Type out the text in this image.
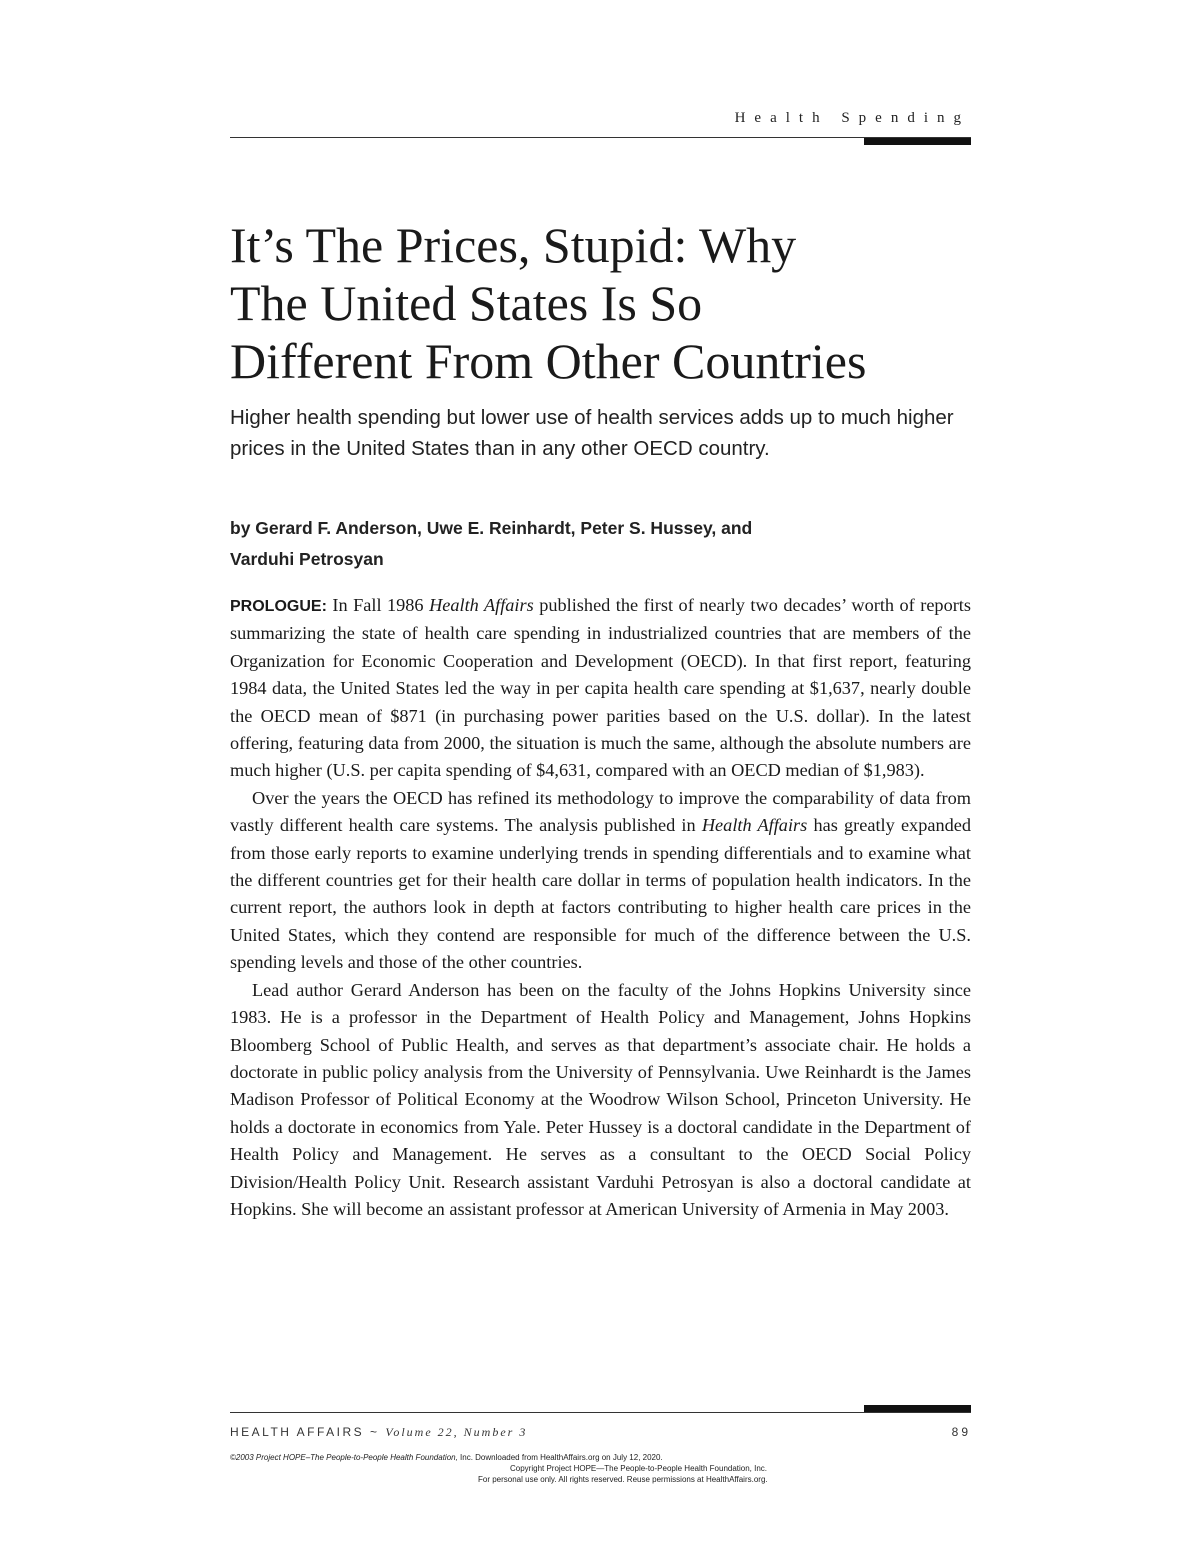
Health Spending
It’s The Prices, Stupid: Why
The United States Is So
Different From Other Countries

Higher health spending but lower use of health services adds up to much higher prices in the United States than in any other OECD country.

by Gerard F. Anderson, Uwe E. Reinhardt, Peter S. Hussey, and
Varduhi Petrosyan

PROLOGUE: In Fall 1986 Health Affairs published the first of nearly two decades’ worth of reports summarizing the state of health care spending in industrialized countries that are members of the Organization for Economic Cooperation and Development (OECD). In that first report, featuring 1984 data, the United States led the way in per capita health care spending at $1,637, nearly double the OECD mean of $871 (in purchasing power parities based on the U.S. dollar). In the latest offering, featuring data from 2000, the situation is much the same, although the absolute numbers are much higher (U.S. per capita spending of $4,631, compared with an OECD median of $1,983).

Over the years the OECD has refined its methodology to improve the comparability of data from vastly different health care systems. The analysis published in Health Affairs has greatly expanded from those early reports to examine underlying trends in spending differentials and to examine what the different countries get for their health care dollar in terms of population health indicators. In the current report, the authors look in depth at factors contributing to higher health care prices in the United States, which they contend are responsible for much of the difference between the U.S. spending levels and those of the other countries.

Lead author Gerard Anderson has been on the faculty of the Johns Hopkins University since 1983. He is a professor in the Department of Health Policy and Management, Johns Hopkins Bloomberg School of Public Health, and serves as that department’s associate chair. He holds a doctorate in public policy analysis from the University of Pennsylvania. Uwe Reinhardt is the James Madison Professor of Political Economy at the Woodrow Wilson School, Princeton University. He holds a doctorate in economics from Yale. Peter Hussey is a doctoral candidate in the Department of Health Policy and Management. He serves as a consultant to the OECD Social Policy Division/Health Policy Unit. Research assistant Varduhi Petrosyan is also a doctoral candidate at Hopkins. She will become an assistant professor at American University of Armenia in May 2003.

HEALTH AFFAIRS ~ Volume 22, Number 3	89
©2003 Project HOPE–The People-to-People Health Foundation, Inc. Downloaded from HealthAffairs.org on July 12, 2020.
Copyright Project HOPE—The People-to-People Health Foundation, Inc.
For personal use only. All rights reserved. Reuse permissions at HealthAffairs.org.
